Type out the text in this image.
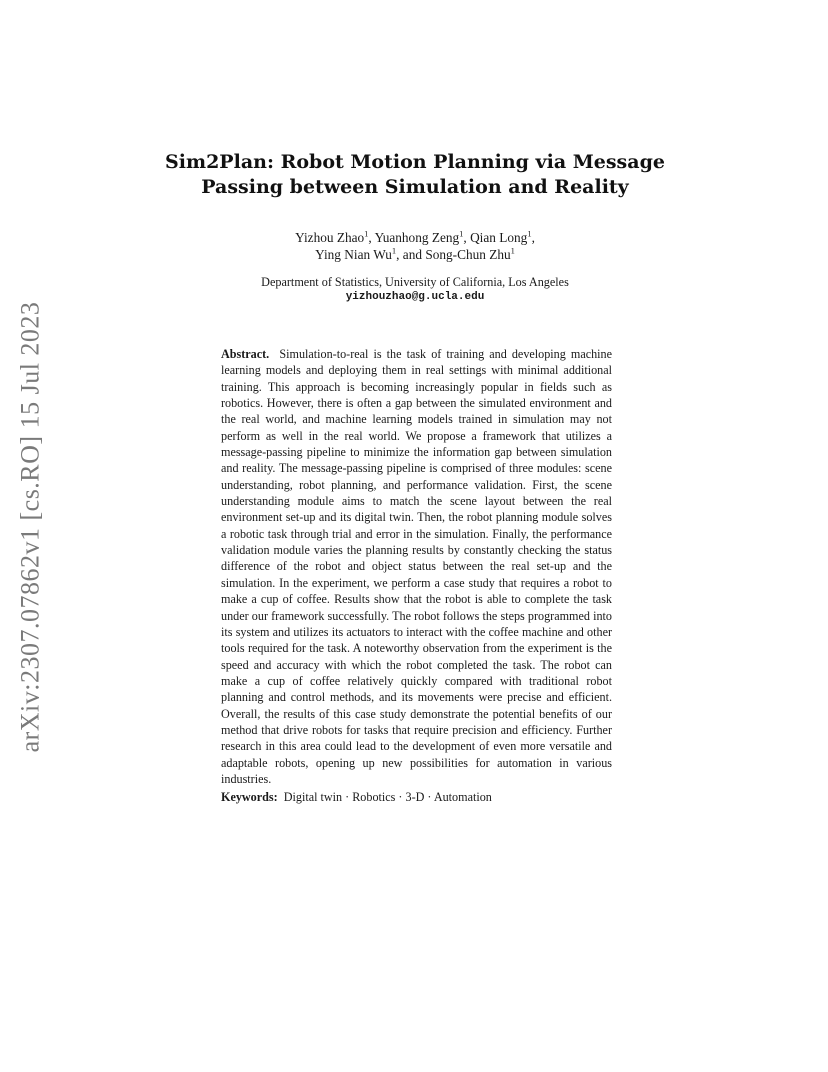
arXiv:2307.07862v1 [cs.RO] 15 Jul 2023
Sim2Plan: Robot Motion Planning via Message
Passing between Simulation and Reality
Yizhou Zhao$^1$, Yuanhong Zeng$^1$, Qian Long$^1$,
Ying Nian Wu$^1$, and Song-Chun Zhu$^1$
Department of Statistics, University of California, Los Angeles
yizhouzhao@g.ucla.edu

Abstract. Simulation-to-real is the task of training and developing machine learning models and deploying them in real settings with minimal additional training. This approach is becoming increasingly popular in fields such as robotics. However, there is often a gap between the simulated environment and the real world, and machine learning models trained in simulation may not perform as well in the real world. We propose a framework that utilizes a message-passing pipeline to minimize the information gap between simulation and reality. The message-passing pipeline is comprised of three modules: scene understanding, robot planning, and performance validation. First, the scene understanding module aims to match the scene layout between the real environment set-up and its digital twin. Then, the robot planning module solves a robotic task through trial and error in the simulation. Finally, the performance validation module varies the planning results by constantly checking the status difference of the robot and object status between the real set-up and the simulation. In the experiment, we perform a case study that requires a robot to make a cup of coffee. Results show that the robot is able to complete the task under our framework successfully. The robot follows the steps programmed into its system and utilizes its actuators to interact with the coffee machine and other tools required for the task. A noteworthy observation from the experiment is the speed and accuracy with which the robot completed the task. The robot can make a cup of coffee relatively quickly compared with traditional robot planning and control methods, and its movements were precise and efficient. Overall, the results of this case study demonstrate the potential benefits of our method that drive robots for tasks that require precision and efficiency. Further research in this area could lead to the development of even more versatile and adaptable robots, opening up new possibilities for automation in various industries.

Keywords: Digital twin · Robotics · 3-D · Automation
